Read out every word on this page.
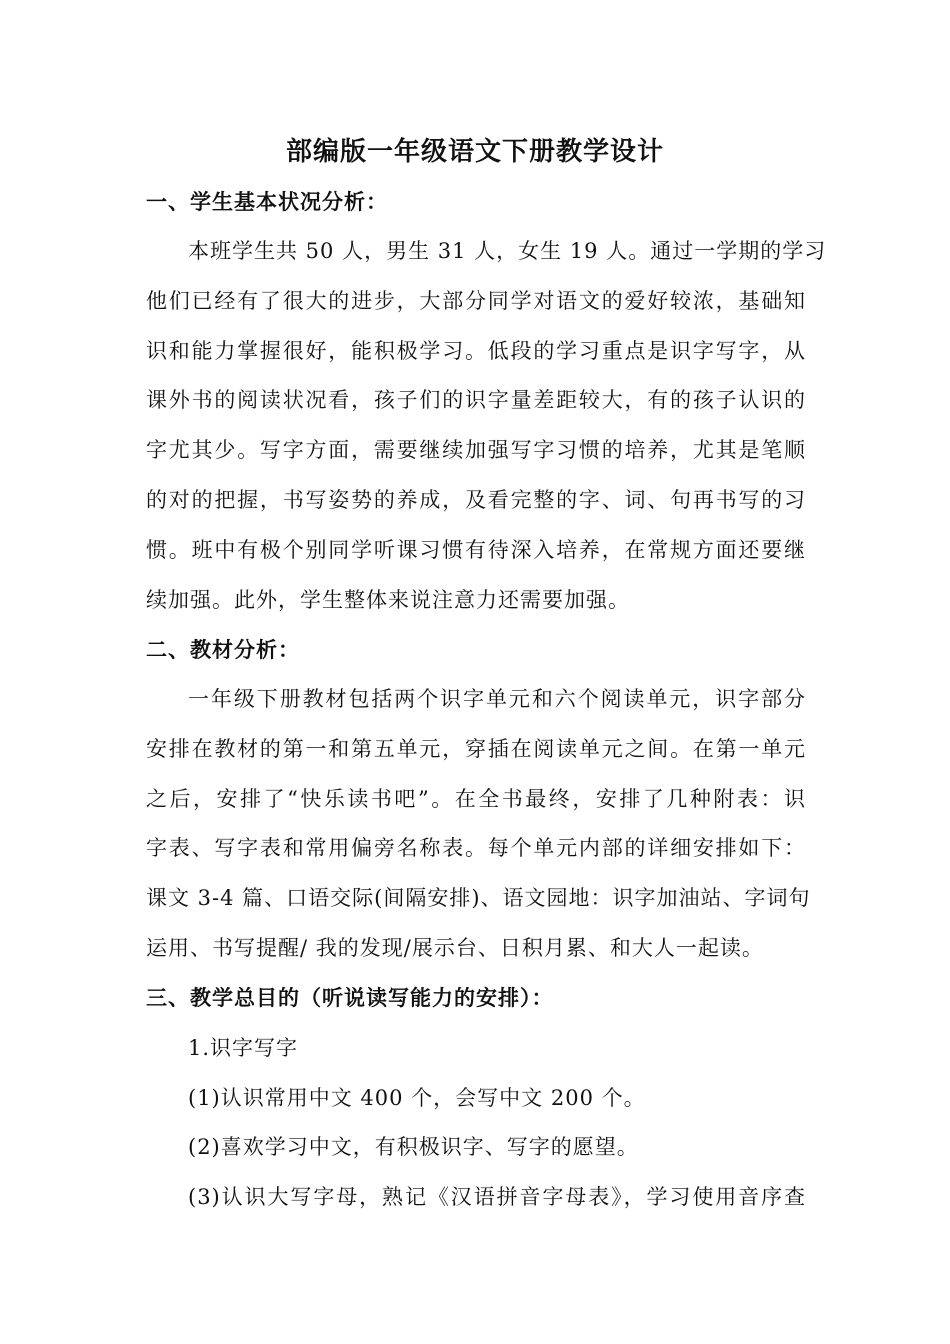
部编版一年级语文下册教学设计
一、学生基本状况分析：
本班学生共 50 人，男生 31 人，女生 19 人。通过一学期的学习
他们已经有了很大的进步，大部分同学对语文的爱好较浓，基础知
识和能力掌握很好，能积极学习。低段的学习重点是识字写字，从
课外书的阅读状况看，孩子们的识字量差距较大，有的孩子认识的
字尤其少。写字方面，需要继续加强写字习惯的培养，尤其是笔顺
的对的把握，书写姿势的养成，及看完整的字、词、句再书写的习
惯。班中有极个别同学听课习惯有待深入培养，在常规方面还要继
续加强。此外，学生整体来说注意力还需要加强。
二、教材分析：
一年级下册教材包括两个识字单元和六个阅读单元，识字部分
安排在教材的第一和第五单元，穿插在阅读单元之间。在第一单元
之后，安排了“快乐读书吧”。在全书最终，安排了几种附表：识
字表、写字表和常用偏旁名称表。每个单元内部的详细安排如下：
课文 3-4 篇、口语交际(间隔安排)、语文园地：识字加油站、字词句
运用、书写提醒/ 我的发现/展示台、日积月累、和大人一起读。
三、教学总目的（听说读写能力的安排）：
1.识字写字
(1)认识常用中文 400 个，会写中文 200 个。
(2)喜欢学习中文，有积极识字、写字的愿望。
(3)认识大写字母，熟记《汉语拼音字母表》，学习使用音序查
